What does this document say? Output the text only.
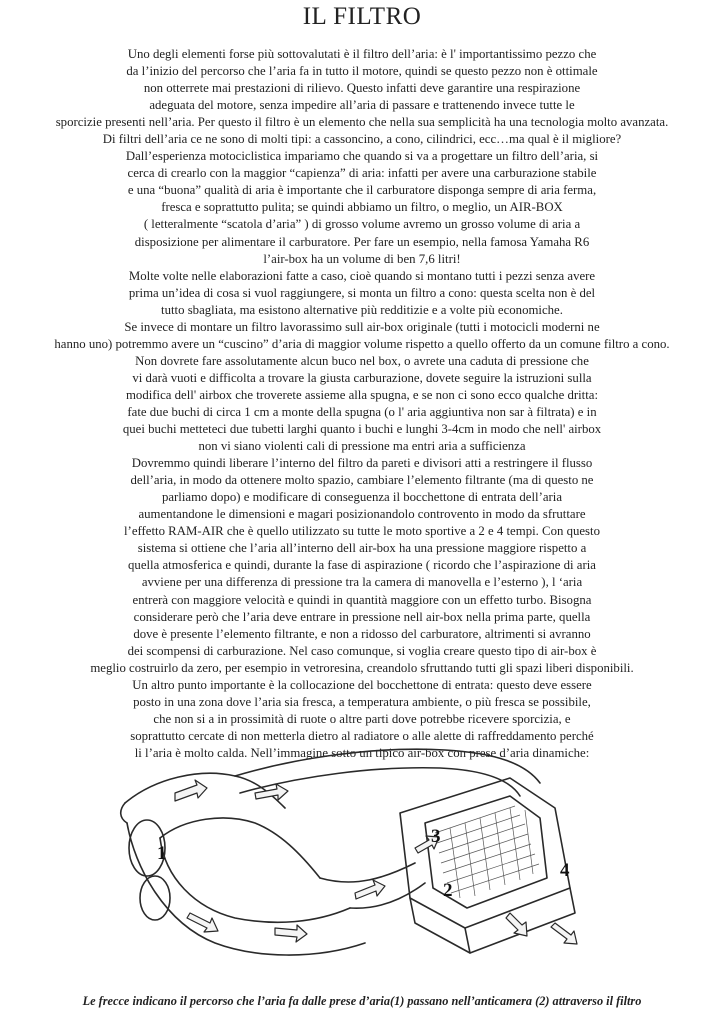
IL FILTRO
Uno degli elementi forse più sottovalutati è il filtro dell’aria: è l' importantissimo pezzo che
da l’inizio del percorso che l’aria fa in tutto il motore, quindi se questo pezzo non è ottimale
non otterrete mai prestazioni di rilievo. Questo infatti deve garantire una respirazione
adeguata del motore, senza impedire all’aria di passare e trattenendo invece tutte le
sporcizie presenti nell’aria. Per questo il filtro è un elemento che nella sua semplicità ha una tecnologia molto avanzata.
Di filtri dell’aria ce ne sono di molti tipi: a cassoncino, a cono, cilindrici, ecc…ma qual è il migliore?
Dall’esperienza motociclistica impariamo che quando si va a progettare un filtro dell’aria, si
cerca di crearlo con la maggior “capienza” di aria: infatti per avere una carburazione stabile
e una “buona” qualità di aria è importante che il carburatore disponga sempre di aria ferma,
fresca e soprattutto pulita; se quindi abbiamo un filtro, o meglio, un AIR-BOX
( letteralmente “scatola d’aria” ) di grosso volume avremo un grosso volume di aria a
disposizione per alimentare il carburatore. Per fare un esempio, nella famosa Yamaha R6
l’air-box ha un volume di ben 7,6 litri!
Molte volte nelle elaborazioni fatte a caso, cioè quando si montano tutti i pezzi senza avere
prima un’idea di cosa si vuol raggiungere, si monta un filtro a cono: questa scelta non è del
tutto sbagliata, ma esistono alternative più redditizie e a volte più economiche.
Se invece di montare un filtro lavorassimo sull air-box originale (tutti i motocicli moderni ne
hanno uno) potremmo avere un “cuscino” d’aria di maggior volume rispetto a quello offerto da un comune filtro a cono.
Non dovrete fare assolutamente alcun buco nel box, o avrete una caduta di pressione che
vi darà vuoti e difficolta a trovare la giusta carburazione, dovete seguire la istruzioni sulla
modifica dell' airbox che troverete assieme alla spugna, e se non ci sono ecco qualche dritta:
fate due buchi di circa 1 cm a monte della spugna (o l' aria aggiuntiva non sar à filtrata) e in
quei buchi metteteci due tubetti larghi quanto i buchi e lunghi 3-4cm in modo che nell' airbox
non vi siano violenti cali di pressione ma entri aria a sufficienza
Dovremmo quindi liberare l’interno del filtro da pareti e divisori atti a restringere il flusso
dell’aria, in modo da ottenere molto spazio, cambiare l’elemento filtrante (ma di questo ne
parliamo dopo) e modificare di conseguenza il bocchettone di entrata dell’aria
aumentandone le dimensioni e magari posizionandolo controvento in modo da sfruttare
l’effetto RAM-AIR che è quello utilizzato su tutte le moto sportive a 2 e 4 tempi. Con questo
sistema si ottiene che l’aria all’interno dell air-box ha una pressione maggiore rispetto a
quella atmosferica e quindi, durante la fase di aspirazione ( ricordo che l’aspirazione di aria
avviene per una differenza di pressione tra la camera di manovella e l’esterno ), l ‘aria
entrerà con maggiore velocità e quindi in quantità maggiore con un effetto turbo. Bisogna
considerare però che l’aria deve entrare in pressione nell air-box nella prima parte, quella
dove è presente l’elemento filtrante, e non a ridosso del carburatore, altrimenti si avranno
dei scompensi di carburazione. Nel caso comunque, si voglia creare questo tipo di air-box è
meglio costruirlo da zero, per esempio in vetroresina, creandolo sfruttando tutti gli spazi liberi disponibili.
Un altro punto importante è la collocazione del bocchettone di entrata: questo deve essere
posto in una zona dove l’aria sia fresca, a temperatura ambiente, o più fresca se possibile,
che non si a in prossimità di ruote o altre parti dove potrebbe ricevere sporcizia, e
soprattutto cercate di non metterla dietro al radiatore o alle alette di raffreddamento perché
li l’aria è molto calda. Nell’immagine sotto un tipico air-box con prese d’aria dinamiche:
1
2
3
4
Le frecce indicano il percorso che l’aria fa dalle prese d’aria(1) passano nell’anticamera (2) attraverso il filtro
